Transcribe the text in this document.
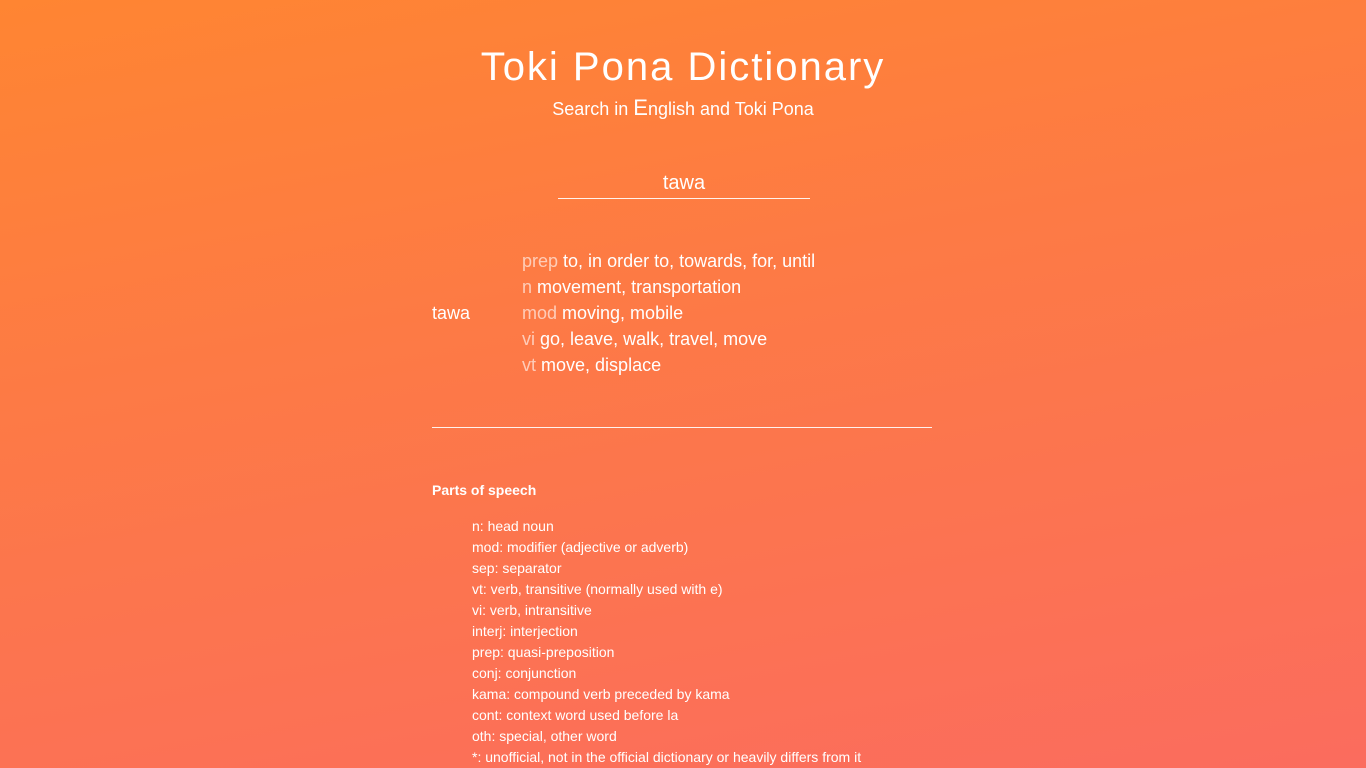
Toki Pona Dictionary
Search in English and Toki Pona
tawa
tawa
prep to, in order to, towards, for, until
n movement, transportation
mod moving, mobile
vi go, leave, walk, travel, move
vt move, displace
Parts of speech
n: head noun
mod: modifier (adjective or adverb)
sep: separator
vt: verb, transitive (normally used with e)
vi: verb, intransitive
interj: interjection
prep: quasi-preposition
conj: conjunction
kama: compound verb preceded by kama
cont: context word used before la
oth: special, other word
*: unofficial, not in the official dictionary or heavily differs from it
